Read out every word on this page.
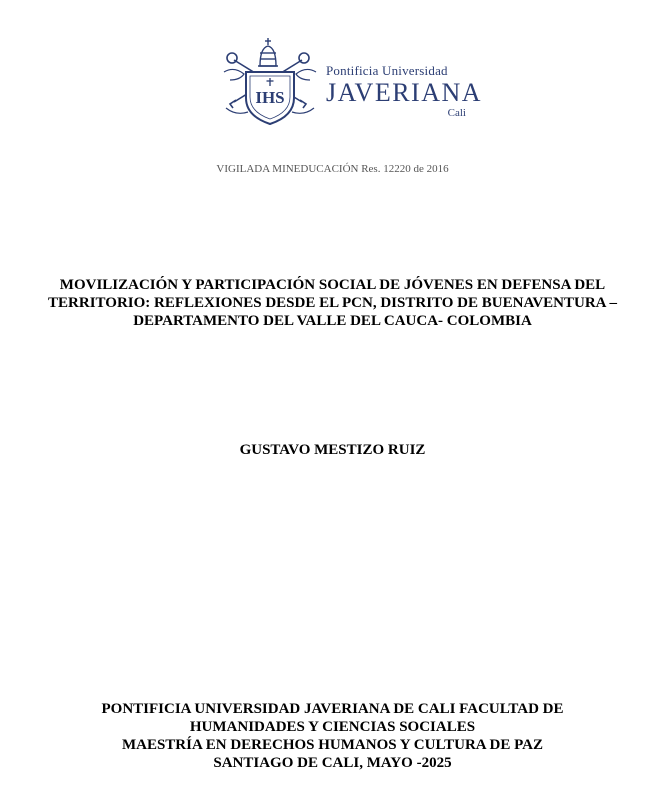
IHS
Pontificia Universidad
JAVERIANA
Cali
VIGILADA MINEDUCACIÓN Res. 12220 de 2016
MOVILIZACIÓN Y PARTICIPACIÓN SOCIAL DE JÓVENES EN DEFENSA DEL
TERRITORIO: REFLEXIONES DESDE EL PCN, DISTRITO DE BUENAVENTURA –
DEPARTAMENTO DEL VALLE DEL CAUCA- COLOMBIA
GUSTAVO MESTIZO RUIZ
PONTIFICIA UNIVERSIDAD JAVERIANA DE CALI FACULTAD DE
HUMANIDADES Y CIENCIAS SOCIALES
MAESTRÍA EN DERECHOS HUMANOS Y CULTURA DE PAZ
SANTIAGO DE CALI, MAYO -2025
